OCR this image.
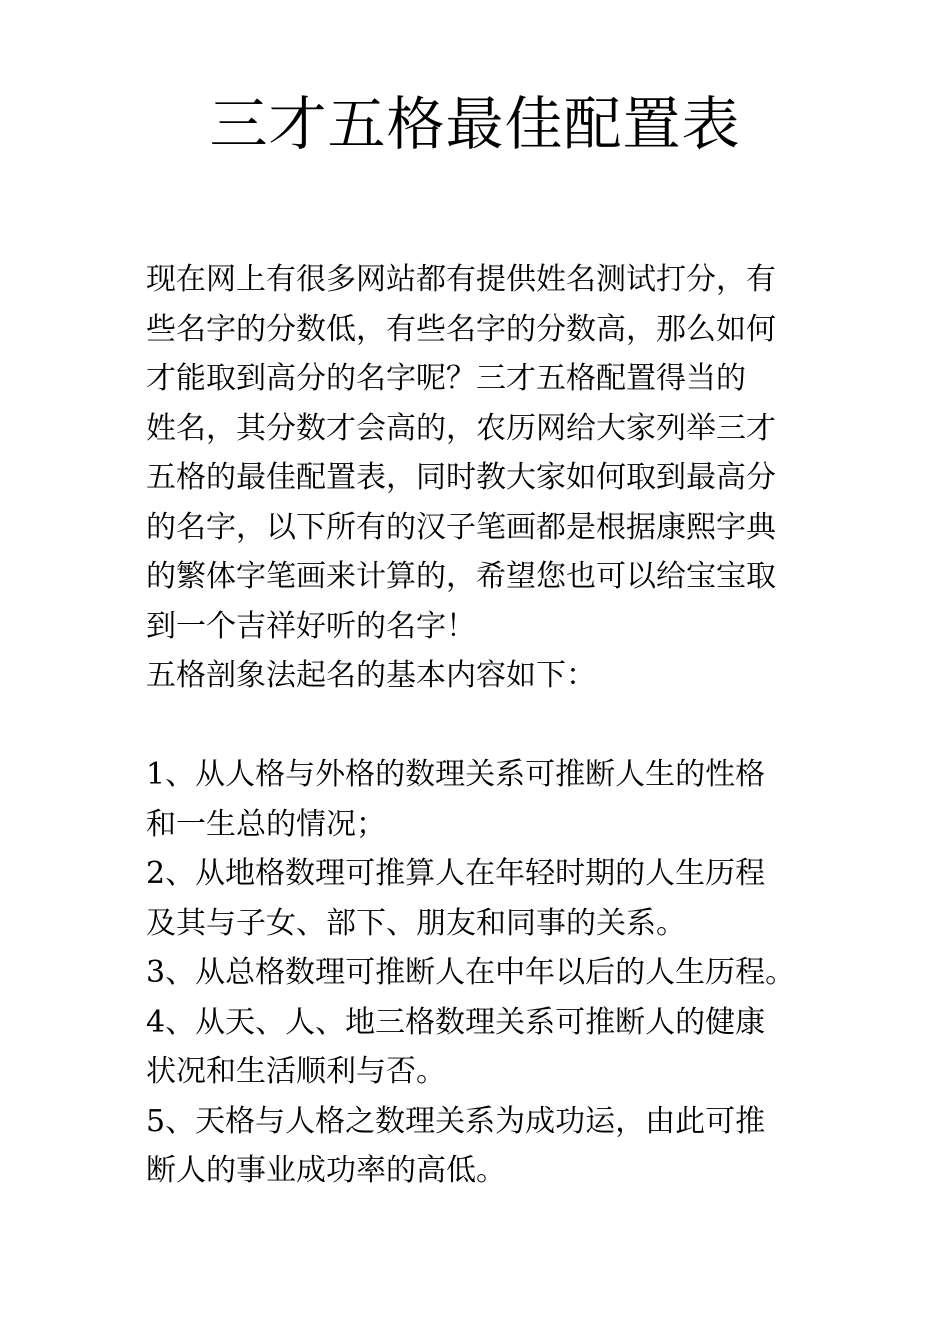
三才五格最佳配置表
现在网上有很多网站都有提供姓名测试打分，有
些名字的分数低，有些名字的分数高，那么如何
才能取到高分的名字呢？三才五格配置得当的
姓名，其分数才会高的，农历网给大家列举三才
五格的最佳配置表，同时教大家如何取到最高分
的名字，以下所有的汉子笔画都是根据康熙字典
的繁体字笔画来计算的，希望您也可以给宝宝取
到一个吉祥好听的名字！
五格剖象法起名的基本内容如下：
1、从人格与外格的数理关系可推断人生的性格
和一生总的情况；
2、从地格数理可推算人在年轻时期的人生历程
及其与子女、部下、朋友和同事的关系。
3、从总格数理可推断人在中年以后的人生历程。
4、从天、人、地三格数理关系可推断人的健康
状况和生活顺利与否。
5、天格与人格之数理关系为成功运，由此可推
断人的事业成功率的高低。
